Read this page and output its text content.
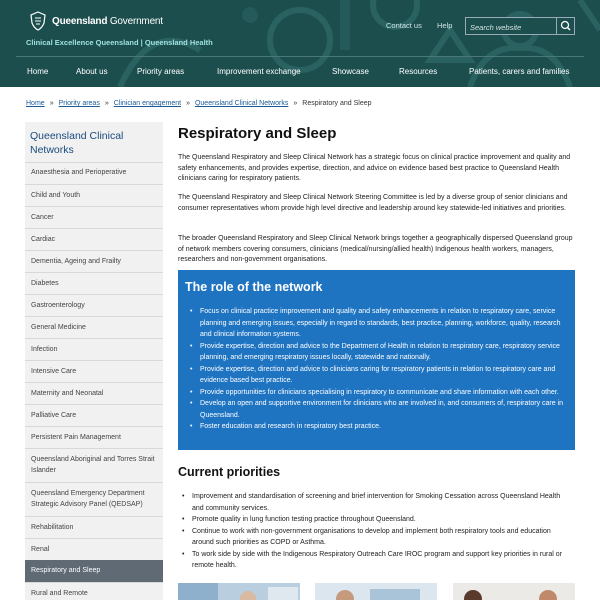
Queensland Government
Clinical Excellence Queensland | Queensland Health
Contact us Help
Search website
Home	About us	Priority areas	Improvement exchange	Showcase	Resources	Patients, carers and families
Home » Priority areas » Clinician engagement » Queensland Clinical Networks » Respiratory and Sleep
Queensland Clinical Networks
Anaesthesia and Perioperative
Child and Youth
Cancer
Cardiac
Dementia, Ageing and Frailty
Diabetes
Gastroenterology
General Medicine
Infection
Intensive Care
Maternity and Neonatal
Palliative Care
Persistent Pain Management
Queensland Aboriginal and Torres Strait Islander
Queensland Emergency Department Strategic Advisory Panel (QEDSAP)
Rehabilitation
Renal
Respiratory and Sleep
Rural and Remote
Respiratory and Sleep

The Queensland Respiratory and Sleep Clinical Network has a strategic focus on clinical practice improvement and quality and safety enhancements, and provides expertise, direction, and advice on evidence based best practice to Queensland Health clinicians caring for respiratory patients.

The Queensland Respiratory and Sleep Clinical Network Steering Committee is led by a diverse group of senior clinicians and consumer representatives whom provide high level directive and leadership around key statewide-led initiatives and priorities.

The broader Queensland Respiratory and Sleep Clinical Network brings together a geographically dispersed Queensland group of network members covering consumers, clinicians (medical/nursing/allied health) Indigenous health workers, managers, researchers and non-government organisations.

The role of the network
• Focus on clinical practice improvement and quality and safety enhancements in relation to respiratory care, service planning and emerging issues, especially in regard to standards, best practice, planning, workforce, quality, research and clinical information systems.
• Provide expertise, direction and advice to the Department of Health in relation to respiratory care, respiratory service planning, and emerging respiratory issues locally, statewide and nationally.
• Provide expertise, direction and advice to clinicians caring for respiratory patients in relation to respiratory care and evidence based best practice.
• Provide opportunities for clinicians specialising in respiratory to communicate and share information with each other.
• Develop an open and supportive environment for clinicians who are involved in, and consumers of, respiratory care in Queensland.
• Foster education and research in respiratory best practice.
Current priorities
• Improvement and standardisation of screening and brief intervention for Smoking Cessation across Queensland Health and community services.
• Promote quality in lung function testing practice throughout Queensland.
• Continue to work with non-government organisations to develop and implement both respiratory tools and education around such priorities as COPD or Asthma.
• To work side by side with the Indigenous Respiratory Outreach Care IROC program and support key priorities in rural or remote health.
